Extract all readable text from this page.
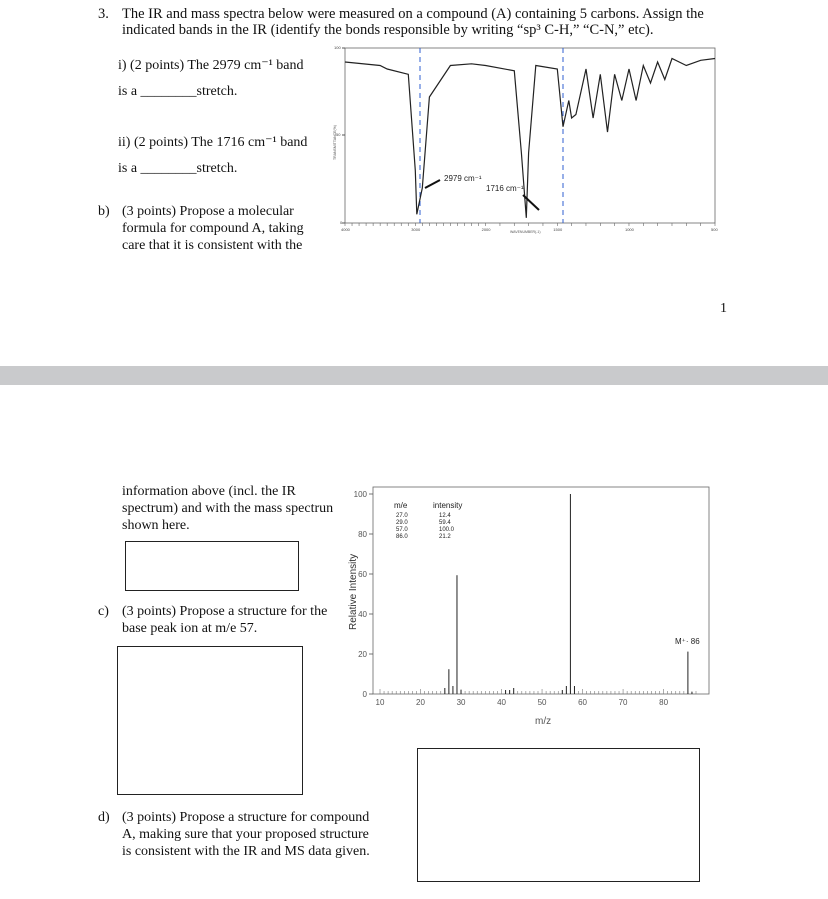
3. The IR and mass spectra below were measured on a compound (A) containing 5 carbons. Assign the
indicated bands in the IR (identify the bonds responsible by writing “sp³ C-H,” “C-N,” etc).
i) (2 points) The 2979 cm⁻¹ band
is a ________stretch.
ii) (2 points) The 1716 cm⁻¹ band
is a ________stretch.
b) (3 points) Propose a molecular
formula for compound A, taking
care that it is consistent with the
100
50
0
TRANSMITTANCE(%)
4000	3000	2000	1500	1000	500
WAVENUMBER(-1)
2979 cm⁻¹
1716 cm⁻¹
1
information above (incl. the IR
spectrum) and with the mass spectrun
shown here.
c) (3 points) Propose a structure for the
base peak ion at m/e 57.
d) (3 points) Propose a structure for compound
A, making sure that your proposed structure
is consistent with the IR and MS data given.
Relative Intensity
0
20
40
60
80
100
10	20	30	40	50	60	70	80
m/z
m/e	intensity
27.0	12.4
29.0	59.4
57.0	100.0
86.0	21.2
M⁺· 86
